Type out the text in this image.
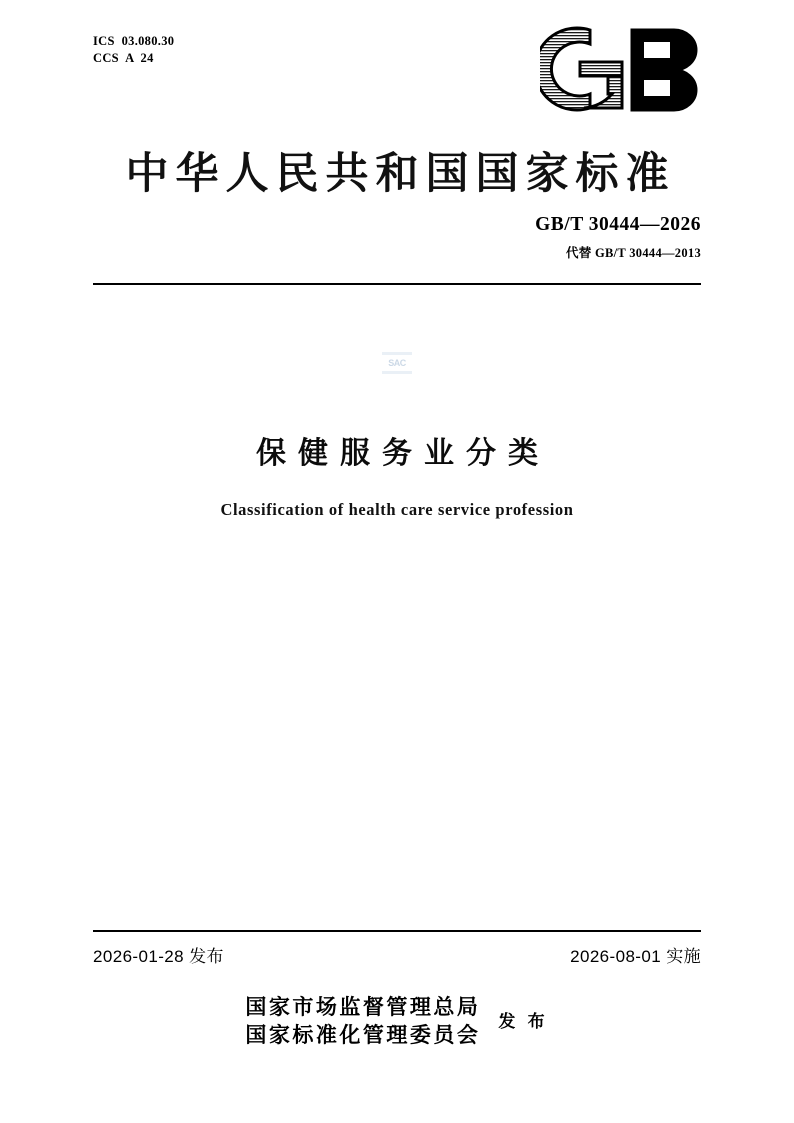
ICS  03.080.30
CCS  A  24
中华人民共和国国家标准
GB/T 30444—2026
代替 GB/T 30444—2013
SAC
保健服务业分类
Classification of health care service profession
2026-01-28 发布	2026-08-01 实施
国家市场监督管理总局
国家标准化管理委员会
发 布
